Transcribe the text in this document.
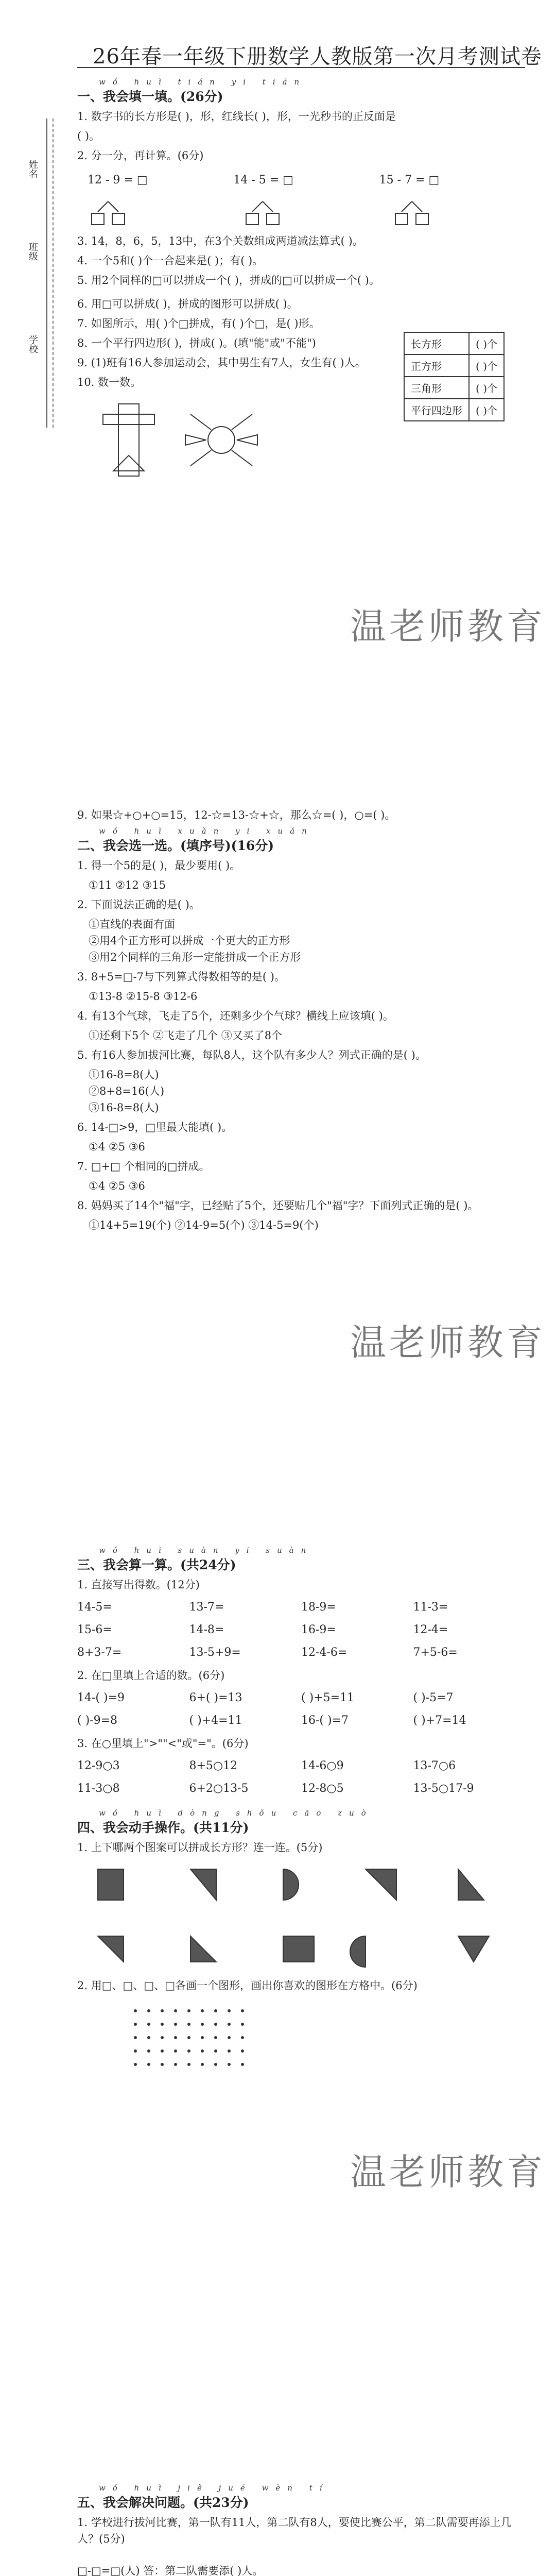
26年春一年级下册数学人教版第一次月考测试卷
姓名
班级
学校
wǒ huì tián yi tián
一、我会填一填。(26分)
1. 数字书的长方形是( )，形，红线长( )，形，一光秒书的正反面是
( )。
2. 分一分，再计算。(6分)
12 - 9 = □	14 - 5 = □	15 - 7 = □
3. 14，8，6，5，13中，在3个关数组成两道减法算式( )。
4. 一个5和( )个一合起来是( )；有( )。
5. 用2个同样的□可以拼成一个( )，拼成的□可以拼成一个( )。
6. 用□可以拼成( )，拼成的图形可以拼成( )。
7. 如图所示，用( )个□拼成，有( )个□，是( )形。
8. 一个平行四边形( )，拼成( )。(填"能"或"不能")
9. (1)班有16人参加运动会，其中男生有7人，女生有( )人。
10. 数一数。
长方形	( )个
正方形	( )个
三角形	( )个
平行四边形	( )个
温老师教育
9. 如果☆+○+○=15，12-☆=13-☆+☆，那么☆=( )，○=( )。
wǒ huì xuǎn yi xuǎn
二、我会选一选。(填序号)(16分)
1. 得一个5的是( )，最少要用( )。
①11 ②12 ③15
2. 下面说法正确的是( )。
①直线的表面有面
②用4个正方形可以拼成一个更大的正方形
③用2个同样的三角形一定能拼成一个正方形
3. 8+5=□-7与下列算式得数相等的是( )。
①13-8 ②15-8 ③12-6
4. 有13个气球，飞走了5个，还剩多少个气球？横线上应该填( )。
①还剩下5个 ②飞走了几个 ③又买了8个
5. 有16人参加拔河比赛，每队8人，这个队有多少人？列式正确的是( )。
①16-8=8(人)
②8+8=16(人)
③16-8=8(人)
6. 14-□>9，□里最大能填( )。
①4 ②5 ③6
7. □+□ 个相同的□拼成。
①4 ②5 ③6
8. 妈妈买了14个"福"字，已经贴了5个，还要贴几个"福"字？下面列式正确的是( )。
①14+5=19(个) ②14-9=5(个) ③14-5=9(个)
温老师教育
wǒ huì suàn yi suàn
三、我会算一算。(共24分)
1. 直接写出得数。(12分)
14-5=	13-7=	18-9=	11-3=
15-6=	14-8=	16-9=	12-4=
8+3-7=	13-5+9=	12-4-6=	7+5-6=
2. 在□里填上合适的数。(6分)
14-( )=9	6+( )=13	( )+5=11	( )-5=7
( )-9=8	( )+4=11	16-( )=7	( )+7=14
3. 在○里填上">""<"或"="。(6分)
12-9○3	8+5○12	14-6○9	13-7○6
11-3○8	6+2○13-5	12-8○5	13-5○17-9
wǒ huì dòng shǒu cāo zuò
四、我会动手操作。(共11分)
1. 上下哪两个图案可以拼成长方形？连一连。(5分)
2. 用□、□、□、□各画一个图形，画出你喜欢的图形在方格中。(6分)
温老师教育
wǒ huì jiě jué wèn tí
五、我会解决问题。(共23分)
1. 学校进行拔河比赛，第一队有11人，第二队有8人，要使比赛公平，第二队需要再添上几人？(5分)
□-□=□(人) 答：第二队需要添( )人。
